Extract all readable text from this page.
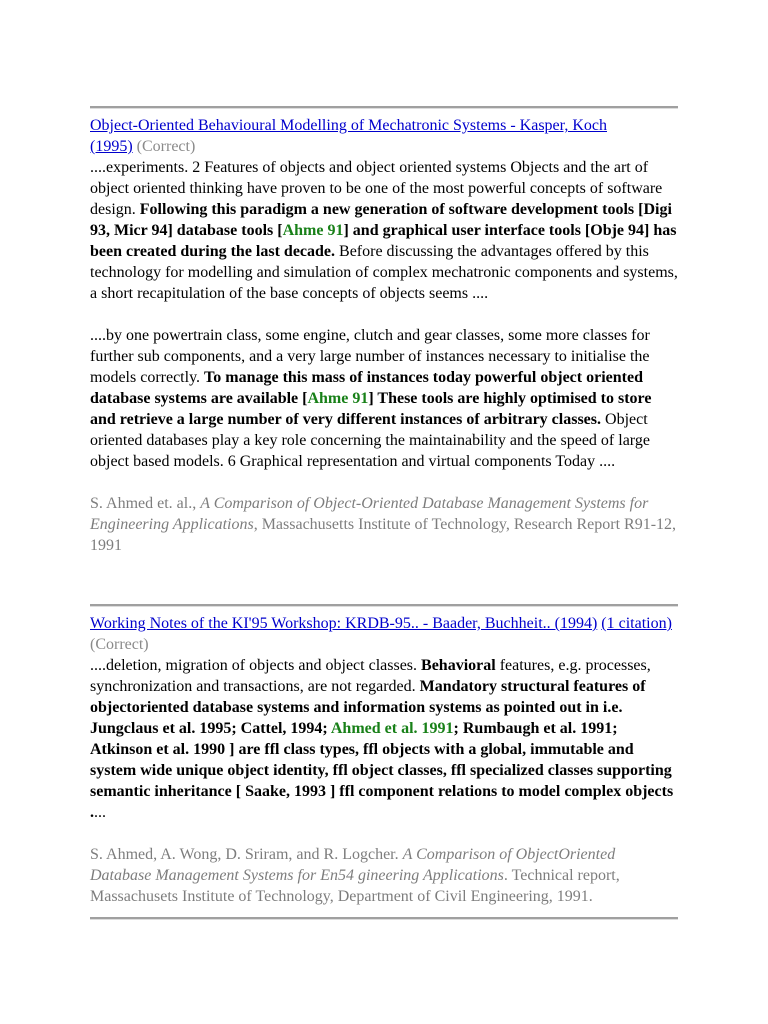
Object-Oriented Behavioural Modelling of Mechatronic Systems - Kasper, Koch
(1995) (Correct)

....experiments. 2 Features of objects and object oriented systems Objects and the art of object oriented thinking have proven to be one of the most powerful concepts of software design. Following this paradigm a new generation of software development tools [Digi 93, Micr 94] database tools [Ahme 91] and graphical user interface tools [Obje 94] has been created during the last decade. Before discussing the advantages offered by this technology for modelling and simulation of complex mechatronic components and systems, a short recapitulation of the base concepts of objects seems ....

....by one powertrain class, some engine, clutch and gear classes, some more classes for further sub components, and a very large number of instances necessary to initialise the models correctly. To manage this mass of instances today powerful object oriented database systems are available [Ahme 91] These tools are highly optimised to store and retrieve a large number of very different instances of arbitrary classes. Object oriented databases play a key role concerning the maintainability and the speed of large object based models. 6 Graphical representation and virtual components Today ....

S. Ahmed et. al., A Comparison of Object-Oriented Database Management Systems for Engineering Applications, Massachusetts Institute of Technology, Research Report R91-12, 1991

Working Notes of the KI'95 Workshop: KRDB-95.. - Baader, Buchheit.. (1994) (1 citation) (Correct)

....deletion, migration of objects and object classes. Behavioral features, e.g. processes, synchronization and transactions, are not regarded. Mandatory structural features of objectoriented database systems and information systems as pointed out in i.e. Jungclaus et al. 1995; Cattel, 1994; Ahmed et al. 1991; Rumbaugh et al. 1991; Atkinson et al. 1990 ] are ffl class types, ffl objects with a global, immutable and system wide unique object identity, ffl object classes, ffl specialized classes supporting semantic inheritance [ Saake, 1993 ] ffl component relations to model complex objects ....

S. Ahmed, A. Wong, D. Sriram, and R. Logcher. A Comparison of ObjectOriented Database Management Systems for En54 gineering Applications. Technical report, Massachusets Institute of Technology, Department of Civil Engineering, 1991.
